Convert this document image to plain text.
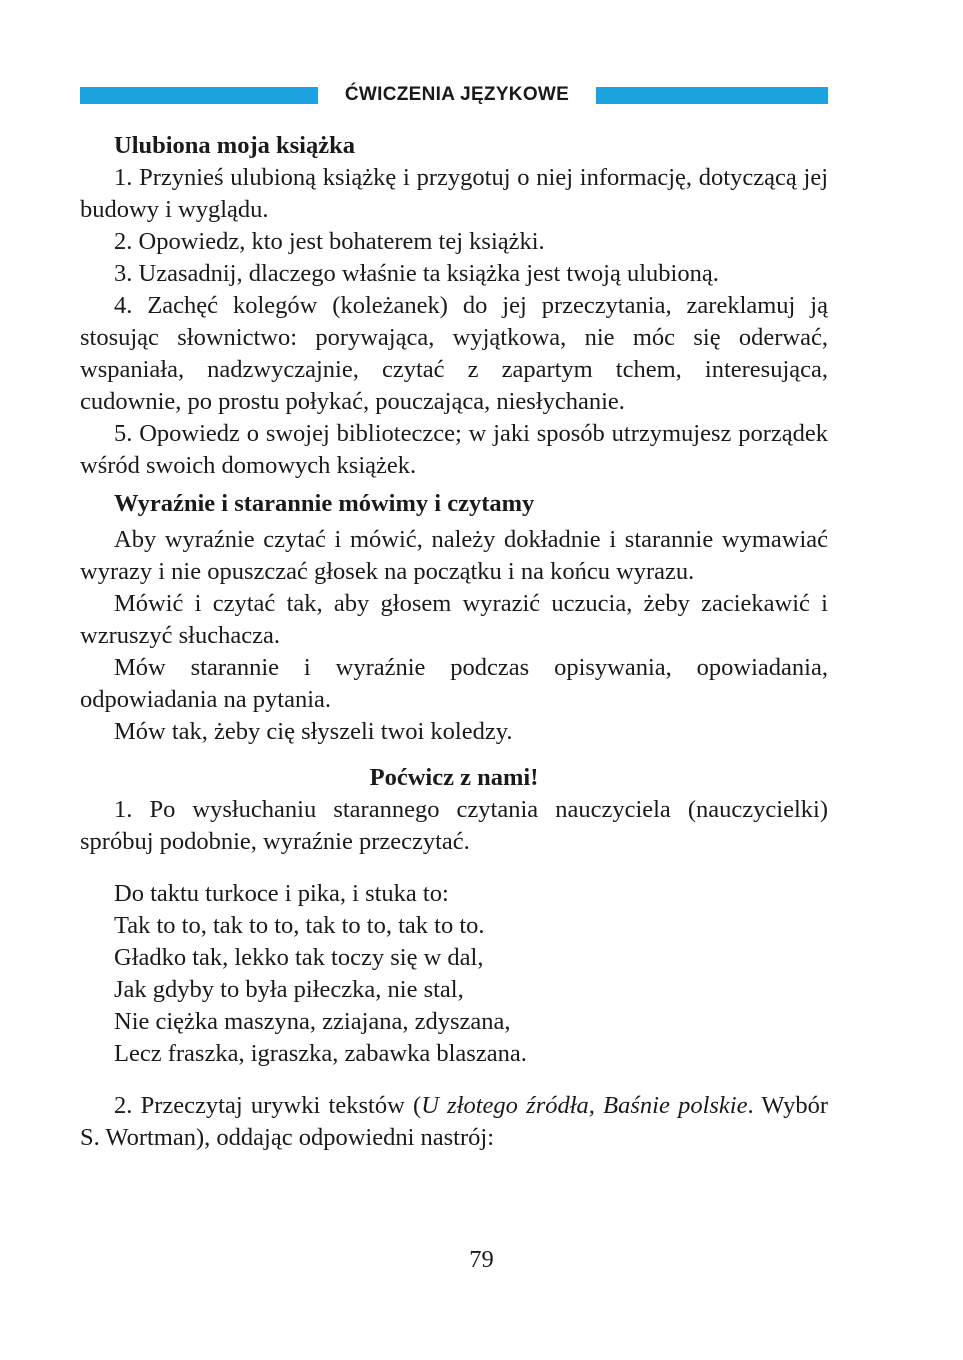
ĆWICZENIA JĘZYKOWE

Ulubiona moja książka

1. Przynieś ulubioną książkę i przygotuj o niej informację, dotyczącą jej budowy i wyglądu.

2. Opowiedz, kto jest bohaterem tej książki.

3. Uzasadnij, dlaczego właśnie ta książka jest twoją ulubioną.

4. Zachęć kolegów (koleżanek) do jej przeczytania, zareklamuj ją stosując słownictwo: porywająca, wyjątkowa, nie móc się oderwać, wspaniała, nadzwyczajnie, czytać z zapartym tchem, interesująca, cudownie, po prostu połykać, pouczająca, niesłychanie.

5. Opowiedz o swojej biblioteczce; w jaki sposób utrzymujesz porządek wśród swoich domowych książek.

Wyraźnie i starannie mówimy i czytamy

Aby wyraźnie czytać i mówić, należy dokładnie i starannie wymawiać wyrazy i nie opuszczać głosek na początku i na końcu wyrazu.

Mówić i czytać tak, aby głosem wyrazić uczucia, żeby zaciekawić i wzruszyć słuchacza.

Mów starannie i wyraźnie podczas opisywania, opowiadania, odpowiadania na pytania.

Mów tak, żeby cię słyszeli twoi koledzy.

Poćwicz z nami!

1. Po wysłuchaniu starannego czytania nauczyciela (nauczycielki) spróbuj podobnie, wyraźnie przeczytać.

Do taktu turkoce i pika, i stuka to:
Tak to to, tak to to, tak to to, tak to to.
Gładko tak, lekko tak toczy się w dal,
Jak gdyby to była piłeczka, nie stal,
Nie ciężka maszyna, zziajana, zdyszana,
Lecz fraszka, igraszka, zabawka blaszana.

2. Przeczytaj urywki tekstów (U złotego źródła, Baśnie polskie. Wybór S. Wortman), oddając odpowiedni nastrój:

79
